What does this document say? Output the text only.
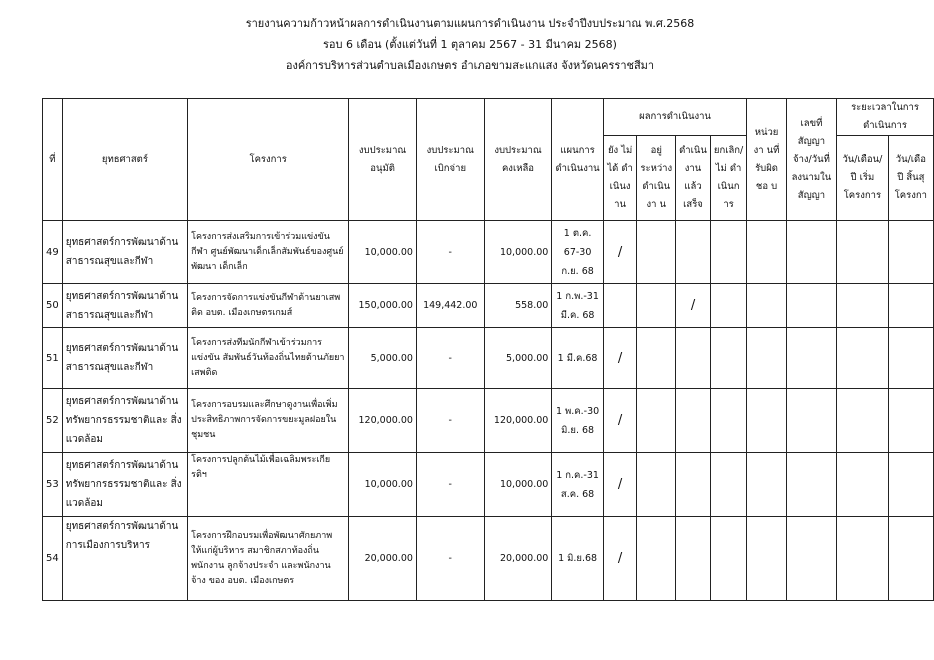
รายงานความก้าวหน้าผลการดำเนินงานตามแผนการดำเนินงาน ประจำปีงบประมาณ พ.ศ.2568
รอบ 6 เดือน (ตั้งแต่วันที่ 1 ตุลาคม 2567 - 31 มีนาคม 2568)
องค์การบริหารส่วนตำบลเมืองเกษตร อำเภอขามสะแกแสง จังหวัดนครราชสีมา
ที่	ยุทธศาสตร์	โครงการ	งบประมาณ อนุมัติ	งบประมาณ เบิกจ่าย	งบประมาณ คงเหลือ	แผนการ ดำเนินงาน	ผลการดำเนินงาน				หน่วยงา นที่ รับผิดชอ บ	เลขที่ สัญญา จ้าง/วันที่ ลงนามใน สัญญา	ระยะเวลาในการ ดำเนินการ	
							ยัง ไม่ได้ ดำเนินง าน	อยู่ ระหว่าง ดำเนินงา น	ดำเนิน งาน แล้ว เสร็จ	ยกเลิก/ ไม่ ดำเนินก าร			วัน/เดือน/ ปี เริ่ม โครงการ	วัน/เดือ ปี สิ้นสุ โครงกา
49	ยุทธศาสตร์การพัฒนาด้าน สาธารณสุขและกีฬา	โครงการส่งเสริมการเข้าร่วมแข่งขันกีฬา ศูนย์พัฒนาเด็กเล็กสัมพันธ์ของศูนย์พัฒนา เด็กเล็ก	10,000.00	-	10,000.00	1 ต.ค. 67-30 ก.ย. 68	/							
50	ยุทธศาสตร์การพัฒนาด้าน สาธารณสุขและกีฬา	โครงการจัดการแข่งขันกีฬาต้านยาเสพติด อบต. เมืองเกษตรเกมส์	150,000.00	149,442.00	558.00	1 ก.พ.-31 มี.ค. 68			/					
51	ยุทธศาสตร์การพัฒนาด้าน สาธารณสุขและกีฬา	โครงการส่งทีมนักกีฬาเข้าร่วมการแข่งขัน สัมพันธ์วันท้องถิ่นไทยต้านภัยยาเสพติด	5,000.00	-	5,000.00	1 มี.ค.68	/							
52	ยุทธศาสตร์การพัฒนาด้าน ทรัพยากรธรรมชาติและ สิ่งแวดล้อม	โครงการอบรมและศึกษาดูงานเพื่อเพิ่ม ประสิทธิภาพการจัดการขยะมูลฝอยใน ชุมชน	120,000.00	-	120,000.00	1 พ.ค.-30 มิ.ย. 68	/							
53	ยุทธศาสตร์การพัฒนาด้าน ทรัพยากรธรรมชาติและ สิ่งแวดล้อม	โครงการปลูกต้นไม้เพื่อเฉลิมพระเกียรติฯ	10,000.00	-	10,000.00	1 ก.ค.-31 ส.ค. 68	/							
54	ยุทธศาสตร์การพัฒนาด้าน การเมืองการบริหาร	โครงการฝึกอบรมเพื่อพัฒนาศักยภาพ ให้แก่ผู้บริหาร สมาชิกสภาท้องถิ่น พนักงาน ลูกจ้างประจำ และพนักงาน จ้าง ของ อบต. เมืองเกษตร	20,000.00	-	20,000.00	1 มิ.ย.68	/							
